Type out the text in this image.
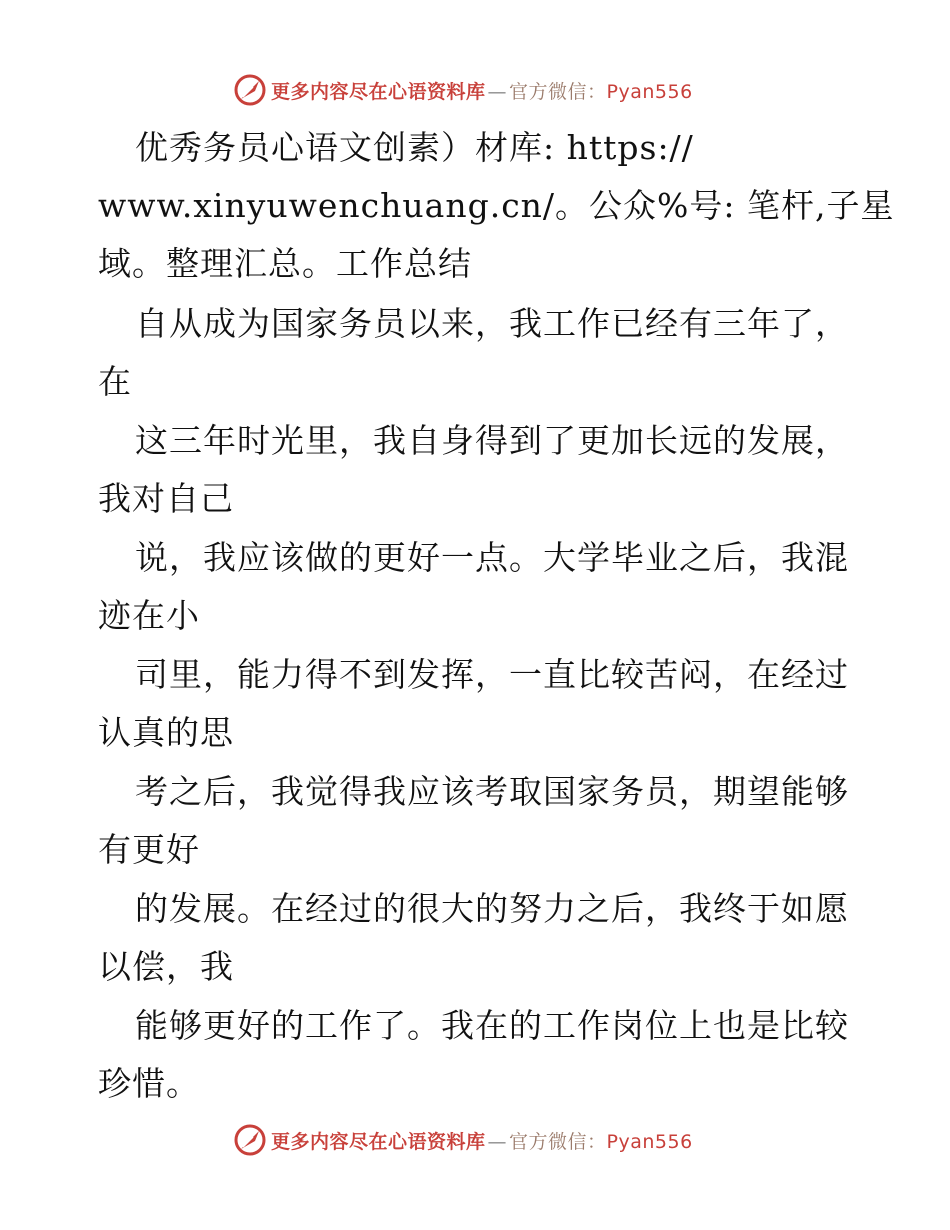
更多内容尽在心语资料库 — 官方微信：Pyan556
优秀务员心语文创素）材库: https://
www.xinyuwenchuang.cn/。公众%号: 笔杆,子星
域。整理汇总。工作总结
自从成为国家务员以来，我工作已经有三年了，
在
这三年时光里，我自身得到了更加长远的发展，
我对自己
说，我应该做的更好一点。大学毕业之后，我混
迹在小
司里，能力得不到发挥，一直比较苦闷，在经过
认真的思
考之后，我觉得我应该考取国家务员，期望能够
有更好
的发展。在经过的很大的努力之后，我终于如愿
以偿，我
能够更好的工作了。我在的工作岗位上也是比较
珍惜。
更多内容尽在心语资料库 — 官方微信：Pyan556
